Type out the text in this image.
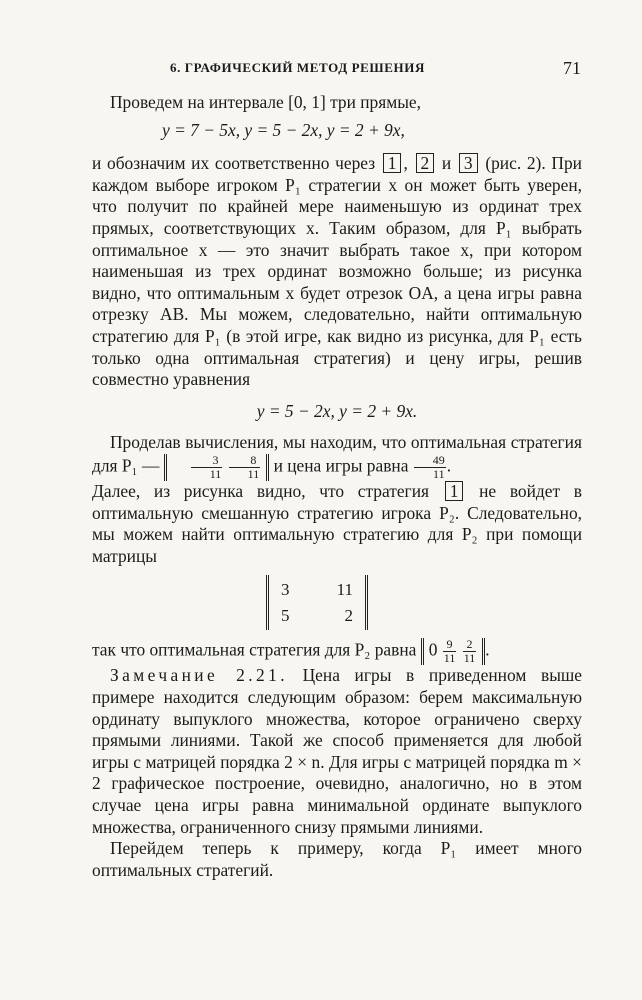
6. ГРАФИЧЕСКИЙ МЕТОД РЕШЕНИЯ	71

Проведем на интервале [0, 1] три прямые,

y = 7 − 5x, y = 5 − 2x, y = 2 + 9x,

и обозначим их соответственно через 1 , 2 и 3 (рис. 2). При каждом выборе игроком P₁ стратегии x он может быть уверен, что получит по крайней мере наименьшую из ординат трех прямых, соответствующих x. Таким образом, для P₁ выбрать оптимальное x — это значит выбрать такое x, при котором наименьшая из трех ординат возможно больше; из рисунка видно, что оптимальным x будет отрезок OA, а цена игры равна отрезку AB. Мы можем, следовательно, найти оптимальную стратегию для P₁ (в этой игре, как видно из рисунка, для P₁ есть только одна оптимальная стратегия) и цену игры, решив совместно уравнения

y = 5 − 2x, y = 2 + 9x.

Проделав вычисления, мы находим, что оптимальная стратегия для P₁ —	$\frac{3}{11}$
$\frac{8}{11}$ и цена игры равна $\frac{49}{11}$ .

Далее, из рисунка видно, что стратегия 1 не войдет в оптимальную смешанную стратегию игрока P₂. Следовательно, мы можем найти оптимальную стратегию для P₂ при помощи матрицы

3	11
5	2

так что оптимальная стратегия для P₂ равна $0 \frac{9}{11}$
$\frac{2}{11}$ .

Замечание 2.21. Цена игры в приведенном выше примере находится следующим образом: берем максимальную ординату выпуклого множества, которое ограничено сверху прямыми линиями. Такой же способ применяется для любой игры с матрицей порядка 2 × n. Для игры с матрицей порядка m × 2 графическое построение, очевидно, аналогично, но в этом случае цена игры равна минимальной ординате выпуклого множества, ограниченного снизу прямыми линиями.

Перейдем теперь к примеру, когда P₁ имеет много оптимальных стратегий.
